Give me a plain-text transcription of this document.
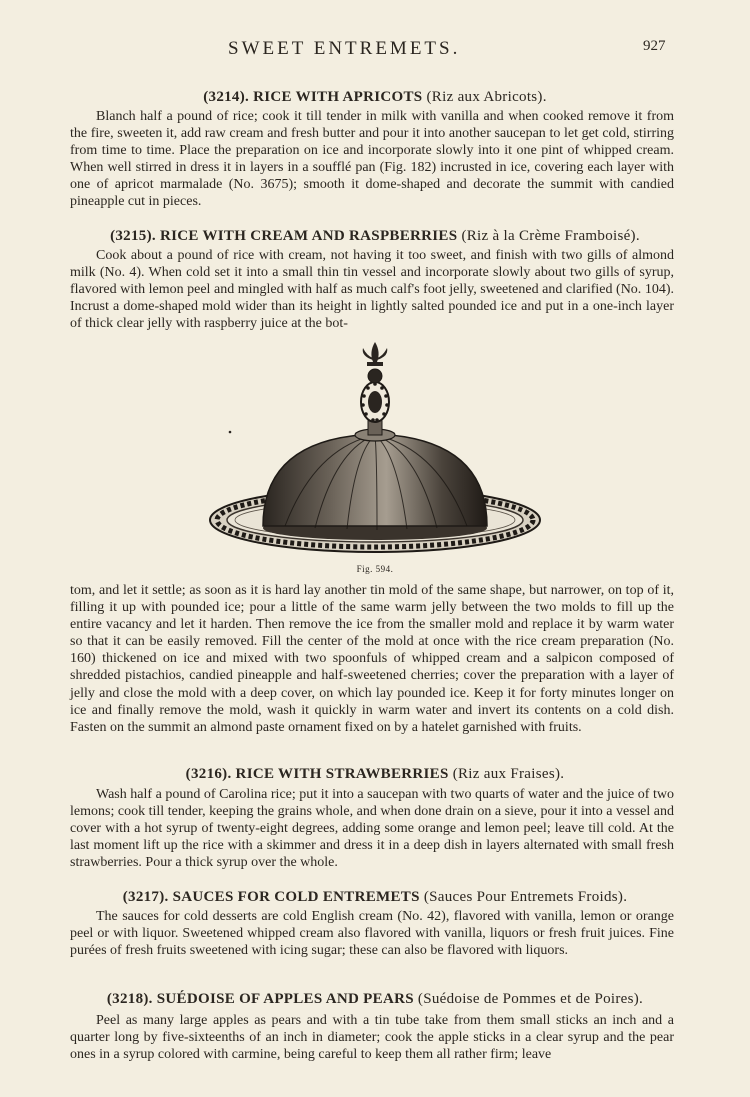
SWEET ENTREMETS.	927
(3214). RICE WITH APRICOTS (Riz aux Abricots).
Blanch half a pound of rice; cook it till tender in milk with vanilla and when cooked remove it from the fire, sweeten it, add raw cream and fresh butter and pour it into another saucepan to let get cold, stirring from time to time. Place the preparation on ice and incorporate slowly into it one pint of whipped cream. When well stirred in dress it in layers in a soufflé pan (Fig. 182) incrusted in ice, covering each layer with one of apricot marmalade (No. 3675); smooth it dome-shaped and decorate the summit with candied pineapple cut in pieces.
(3215). RICE WITH CREAM AND RASPBERRIES (Riz à la Crème Framboisé).
Cook about a pound of rice with cream, not having it too sweet, and finish with two gills of almond milk (No. 4). When cold set it into a small thin tin vessel and incorporate slowly about two gills of syrup, flavored with lemon peel and mingled with half as much calf's foot jelly, sweetened and clarified (No. 104). Incrust a dome-shaped mold wider than its height in lightly salted pounded ice and put in a one-inch layer of thick clear jelly with raspberry juice at the bot-
Fig. 594.
tom, and let it settle; as soon as it is hard lay another tin mold of the same shape, but narrower, on top of it, filling it up with pounded ice; pour a little of the same warm jelly between the two molds to fill up the entire vacancy and let it harden. Then remove the ice from the smaller mold and replace it by warm water so that it can be easily removed. Fill the center of the mold at once with the rice cream preparation (No. 160) thickened on ice and mixed with two spoonfuls of whipped cream and a salpicon composed of shredded pistachios, candied pineapple and half-sweetened cherries; cover the preparation with a layer of jelly and close the mold with a deep cover, on which lay pounded ice. Keep it for forty minutes longer on ice and finally remove the mold, wash it quickly in warm water and invert its contents on a cold dish. Fasten on the summit an almond paste ornament fixed on by a hatelet garnished with fruits.
(3216). RICE WITH STRAWBERRIES (Riz aux Fraises).
Wash half a pound of Carolina rice; put it into a saucepan with two quarts of water and the juice of two lemons; cook till tender, keeping the grains whole, and when done drain on a sieve, pour it into a vessel and cover with a hot syrup of twenty-eight degrees, adding some orange and lemon peel; leave till cold. At the last moment lift up the rice with a skimmer and dress it in a deep dish in layers alternated with small fresh strawberries. Pour a thick syrup over the whole.
(3217). SAUCES FOR COLD ENTREMETS (Sauces Pour Entremets Froids).
The sauces for cold desserts are cold English cream (No. 42), flavored with vanilla, lemon or orange peel or with liquor. Sweetened whipped cream also flavored with vanilla, liquors or fresh fruit juices. Fine purées of fresh fruits sweetened with icing sugar; these can also be flavored with liquors.
(3218). SUÉDOISE OF APPLES AND PEARS (Suédoise de Pommes et de Poires).
Peel as many large apples as pears and with a tin tube take from them small sticks an inch and a quarter long by five-sixteenths of an inch in diameter; cook the apple sticks in a clear syrup and the pear ones in a syrup colored with carmine, being careful to keep them all rather firm; leave
